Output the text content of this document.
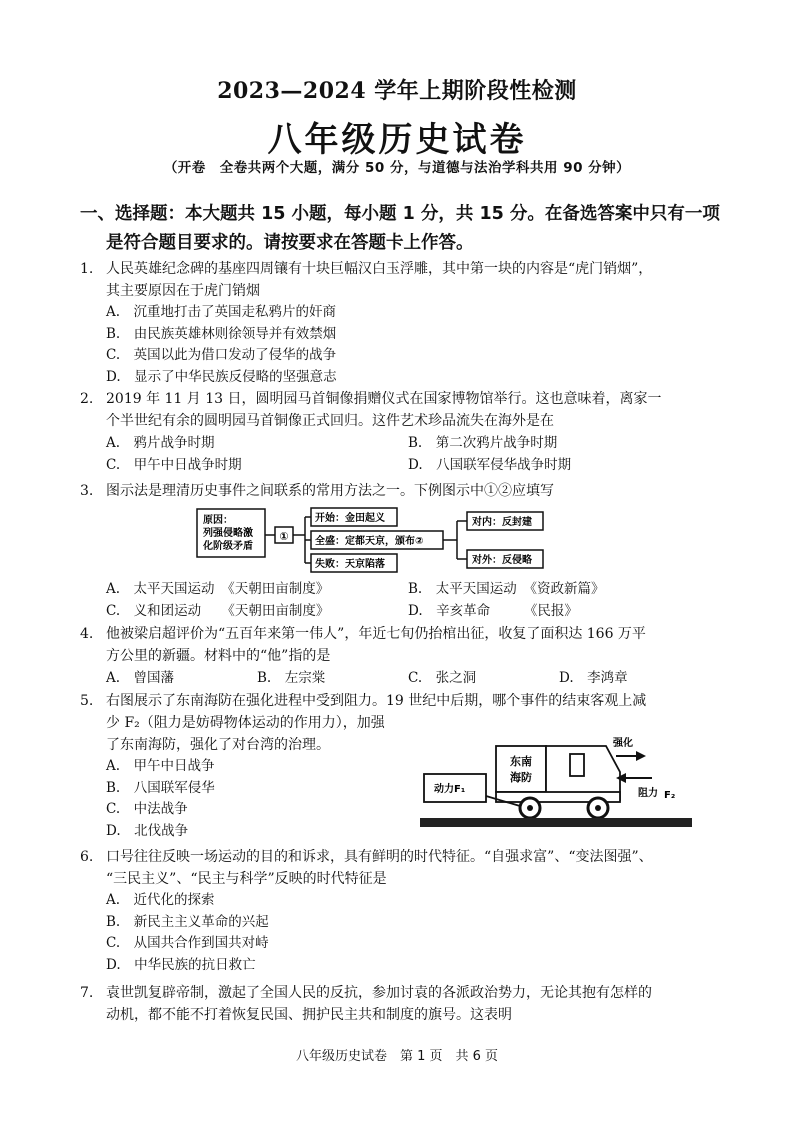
2023—2024 学年上期阶段性检测
八年级历史试卷
（开卷　全卷共两个大题，满分 50 分，与道德与法治学科共用 90 分钟）
一、选择题：本大题共 15 小题，每小题 1 分，共 15 分。在备选答案中只有一项
是符合题目要求的。请按要求在答题卡上作答。
1. 人民英雄纪念碑的基座四周镶有十块巨幅汉白玉浮雕，其中第一块的内容是“虎门销烟”，
其主要原因在于虎门销烟
A.　沉重地打击了英国走私鸦片的奸商
B.　由民族英雄林则徐领导并有效禁烟
C.　英国以此为借口发动了侵华的战争
D.　显示了中华民族反侵略的坚强意志
2. 2019 年 11 月 13 日，圆明园马首铜像捐赠仪式在国家博物馆举行。这也意味着，离家一
个半世纪有余的圆明园马首铜像正式回归。这件艺术珍品流失在海外是在
A.　鸦片战争时期	B.　第二次鸦片战争时期
C.　甲午中日战争时期	D.　八国联军侵华战争时期
3. 图示法是理清历史事件之间联系的常用方法之一。下例图示中①②应填写
原因：
列强侵略激
化阶级矛盾
①
开始：金田起义
全盛：定都天京，颁布②
失败：天京陷落
对内：反封建
对外：反侵略
A.　太平天国运动　《天朝田亩制度》	B.　太平天国运动　《资政新篇》
C.　义和团运动　　《天朝田亩制度》	D.　辛亥革命　　　《民报》
4. 他被梁启超评价为“五百年来第一伟人”，年近七旬仍抬棺出征，收复了面积达 166 万平
方公里的新疆。材料中的“他”指的是
A.　曾国藩	B.　左宗棠	C.　张之洞	D.　李鸿章
5. 右图展示了东南海防在强化进程中受到阻力。19 世纪中后期，哪个事件的结束客观上减
少 F₂（阻力是妨碍物体运动的作用力），加强
了东南海防，强化了对台湾的治理。
A.　甲午中日战争
B.　八国联军侵华
C.　中法战争
D.　北伐战争
东南
海防
动力F₁
强化
阻力 F₂
6. 口号往往反映一场运动的目的和诉求，具有鲜明的时代特征。“自强求富”、“变法图强”、
“三民主义”、“民主与科学”反映的时代特征是
A.　近代化的探索
B.　新民主主义革命的兴起
C.　从国共合作到国共对峙
D.　中华民族的抗日救亡
7. 袁世凯复辟帝制，激起了全国人民的反抗，参加讨袁的各派政治势力，无论其抱有怎样的
动机，都不能不打着恢复民国、拥护民主共和制度的旗号。这表明
八年级历史试卷　第 1 页　共 6 页
